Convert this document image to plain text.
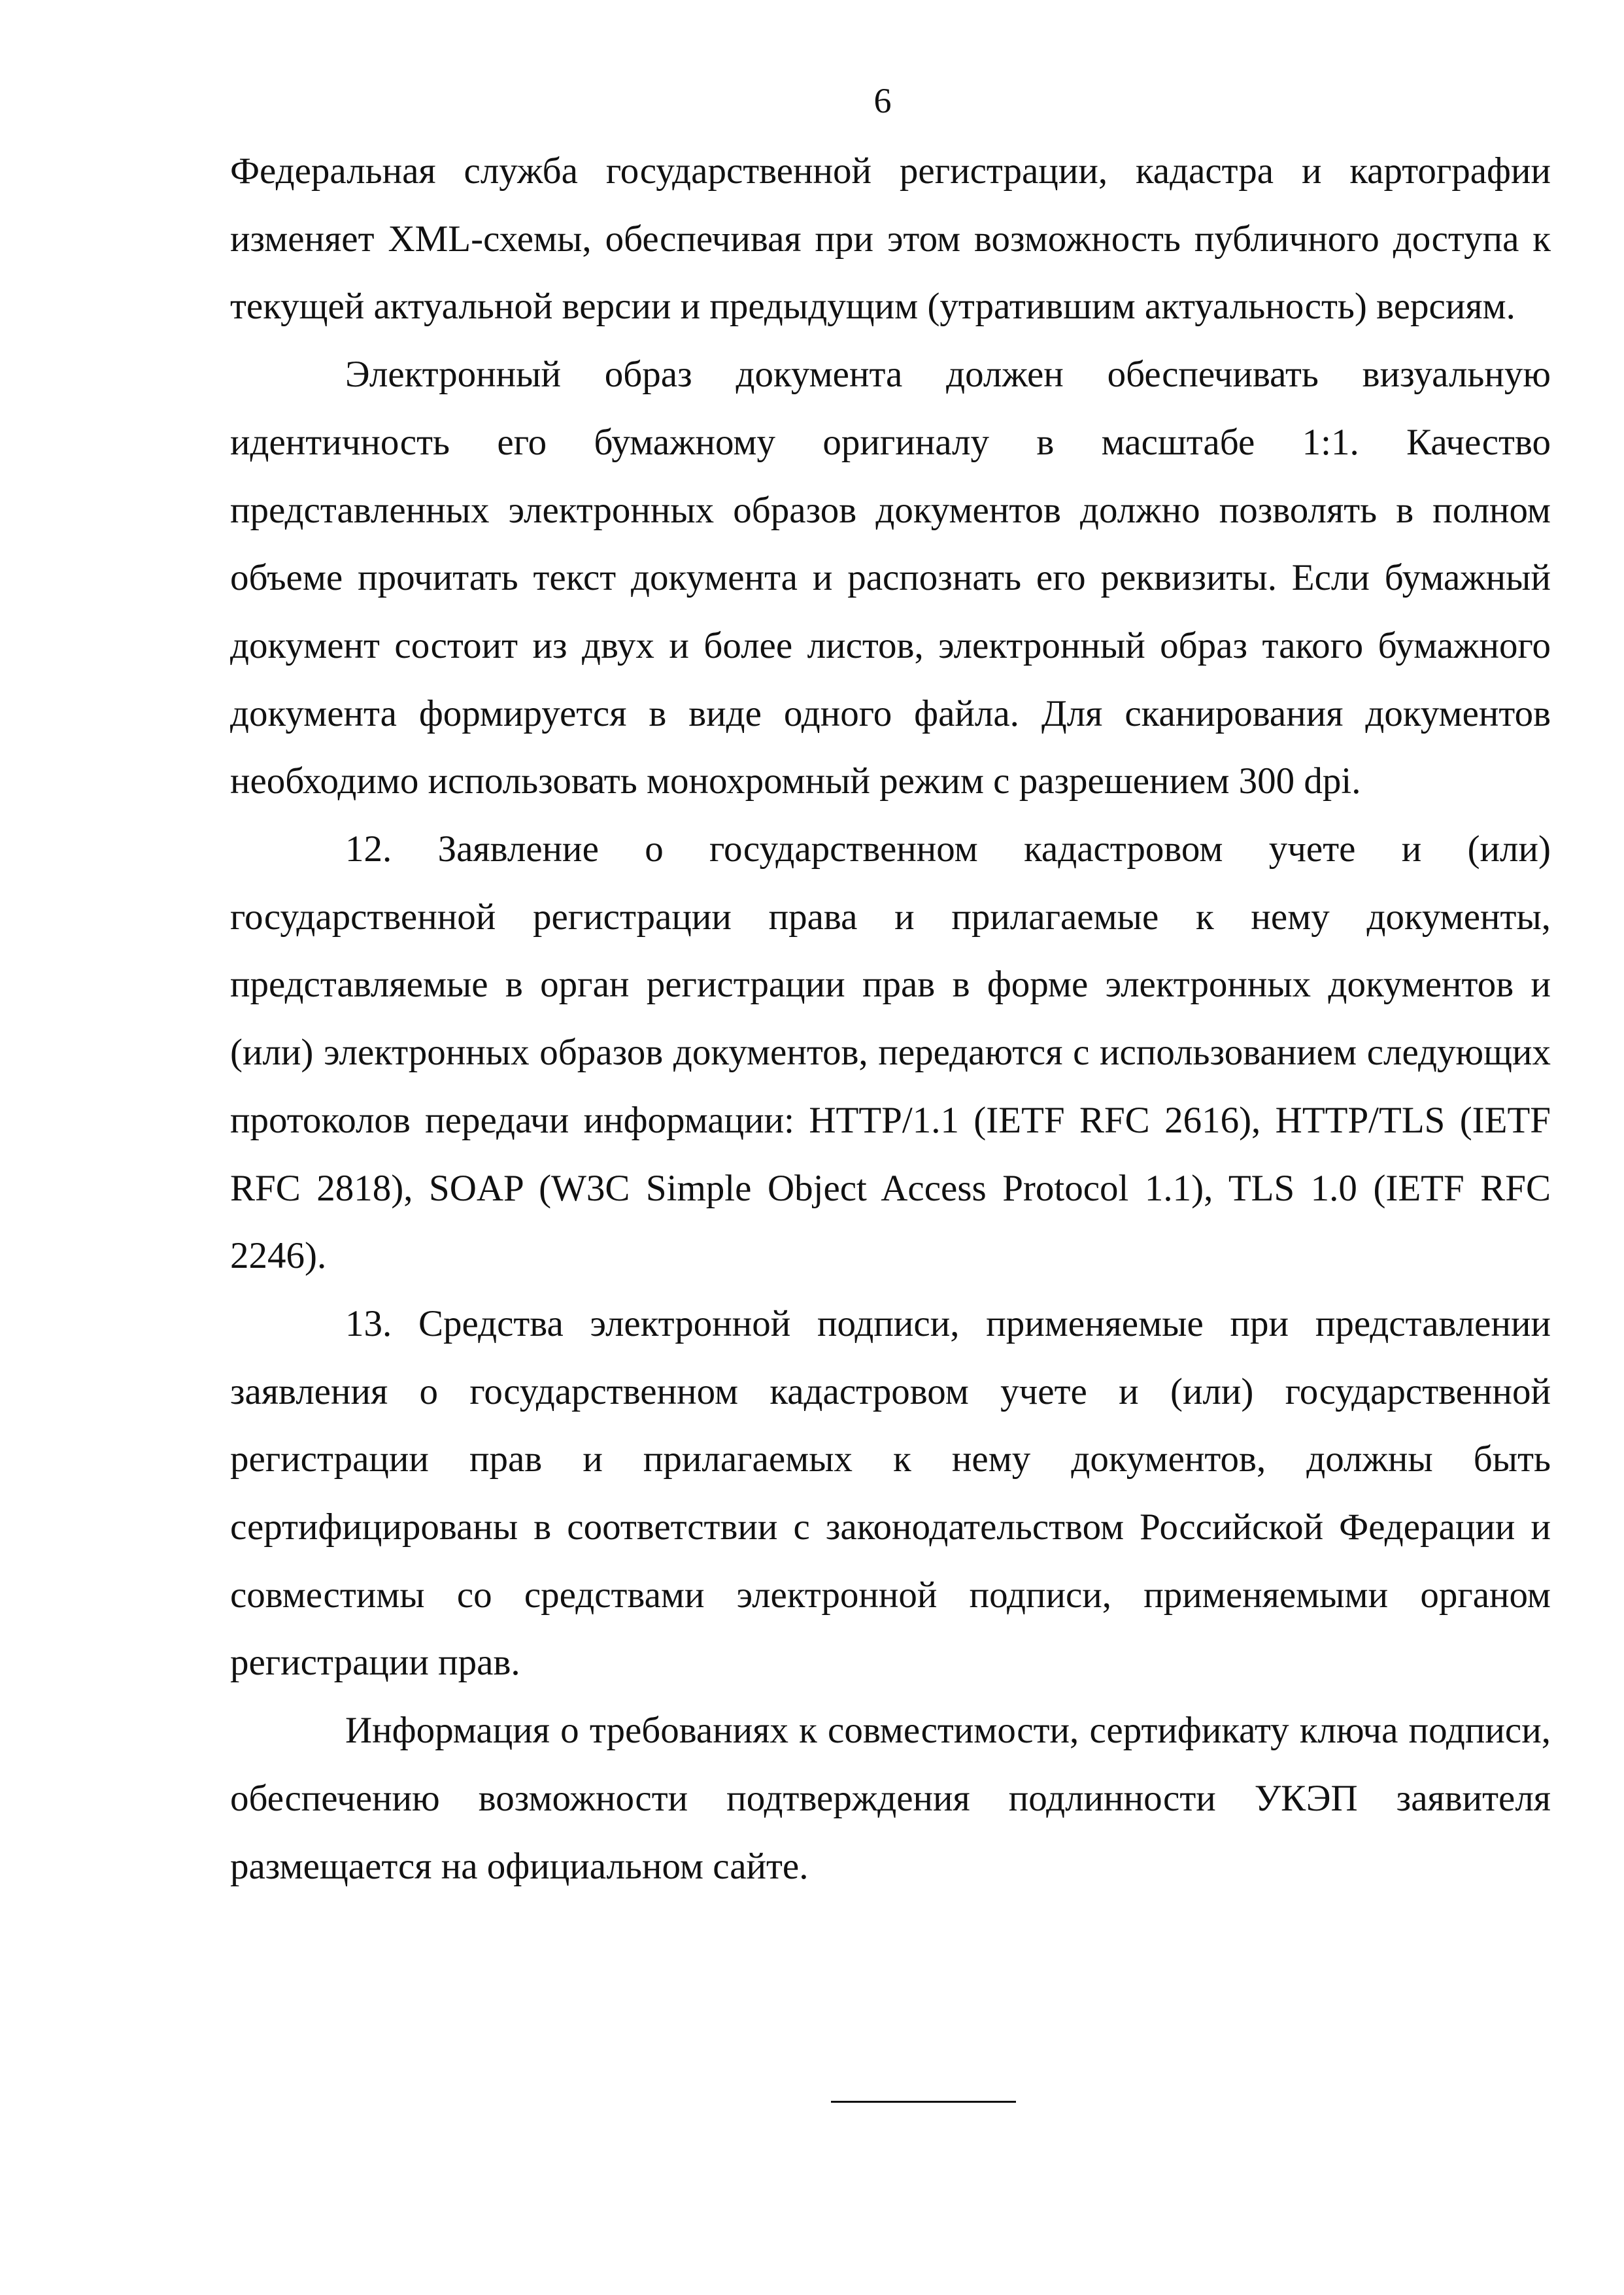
6

Федеральная служба государственной регистрации, кадастра и картографии изменяет XML-схемы, обеспечивая при этом возможность публичного доступа к текущей актуальной версии и предыдущим (утратившим актуальность) версиям.

Электронный образ документа должен обеспечивать визуальную идентичность его бумажному оригиналу в масштабе 1:1. Качество представленных электронных образов документов должно позволять в полном объеме прочитать текст документа и распознать его реквизиты. Если бумажный документ состоит из двух и более листов, электронный образ такого бумажного документа формируется в виде одного файла. Для сканирования документов необходимо использовать монохромный режим с разрешением 300 dpi.

12. Заявление о государственном кадастровом учете и (или) государственной регистрации права и прилагаемые к нему документы, представляемые в орган регистрации прав в форме электронных документов и (или) электронных образов документов, передаются с использованием следующих протоколов передачи информации: HTTP/1.1 (IETF RFC 2616), HTTP/TLS (IETF RFC 2818), SOAP (W3C Simple Object Access Protocol 1.1), TLS 1.0 (IETF RFC 2246).

13. Средства электронной подписи, применяемые при представлении заявления о государственном кадастровом учете и (или) государственной регистрации прав и прилагаемых к нему документов, должны быть сертифицированы в соответствии с законодательством Российской Федерации и совместимы со средствами электронной подписи, применяемыми органом регистрации прав.

Информация о требованиях к совместимости, сертификату ключа подписи, обеспечению возможности подтверждения подлинности УКЭП заявителя размещается на официальном сайте.
